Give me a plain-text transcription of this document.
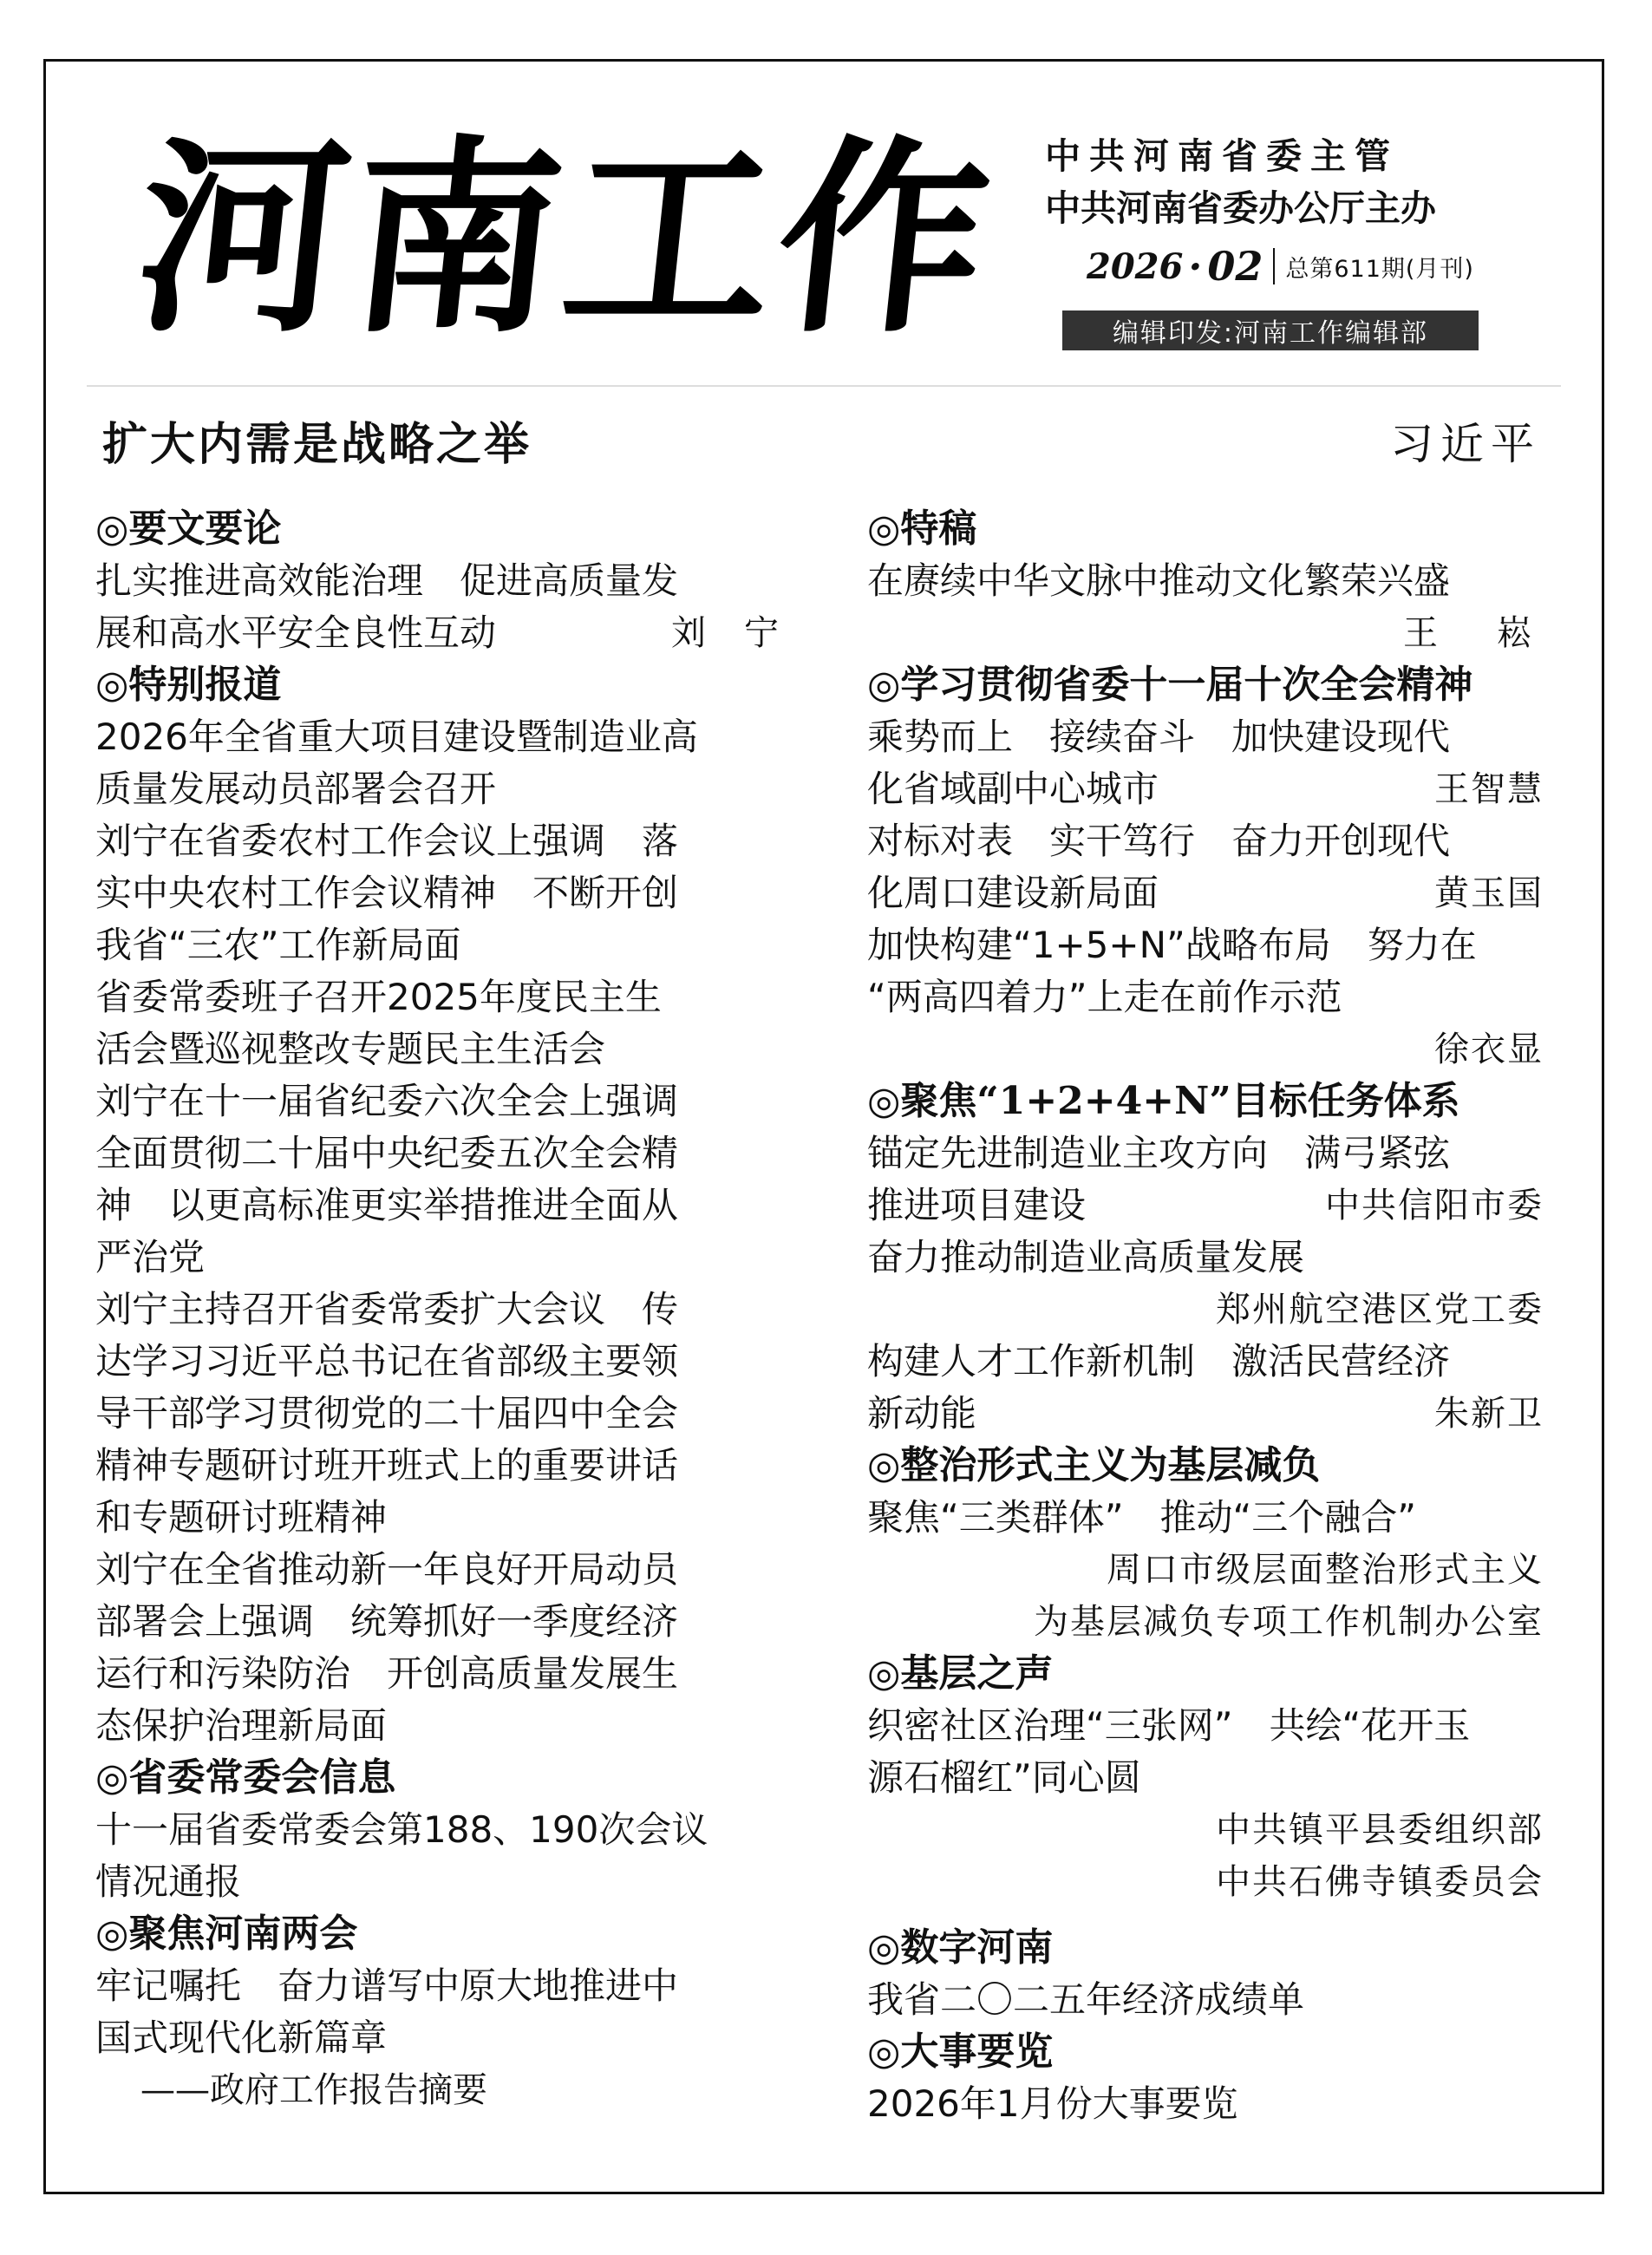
河
南
工
作 中共河南省委主管
中共河南省委办公厅主办
2026 · 02 总第611期(月刊)
编辑印发:河南工作编辑部
扩大内需是战略之举	习近平
◎要文要论
扎实推进高效能治理　促进高质量发
展和高水平安全良性互动	刘　宁
◎特别报道
2026年全省重大项目建设暨制造业高
质量发展动员部署会召开
刘宁在省委农村工作会议上强调　落
实中央农村工作会议精神　不断开创
我省“三农”工作新局面
省委常委班子召开2025年度民主生
活会暨巡视整改专题民主生活会
刘宁在十一届省纪委六次全会上强调
全面贯彻二十届中央纪委五次全会精
神　以更高标准更实举措推进全面从
严治党
刘宁主持召开省委常委扩大会议　传
达学习习近平总书记在省部级主要领
导干部学习贯彻党的二十届四中全会
精神专题研讨班开班式上的重要讲话
和专题研讨班精神
刘宁在全省推动新一年良好开局动员
部署会上强调　统筹抓好一季度经济
运行和污染防治　开创高质量发展生
态保护治理新局面
◎省委常委会信息
十一届省委常委会第188、190次会议
情况通报
◎聚焦河南两会
牢记嘱托　奋力谱写中原大地推进中
国式现代化新篇章
——政府工作报告摘要
◎特稿
在赓续中华文脉中推动文化繁荣兴盛
王　崧
◎学习贯彻省委十一届十次全会精神
乘势而上　接续奋斗　加快建设现代
化省域副中心城市	王智慧
对标对表　实干笃行　奋力开创现代
化周口建设新局面	黄玉国
加快构建“1+5+N”战略布局　努力在
“两高四着力”上走在前作示范
徐衣显
◎聚焦“1+2+4+N”目标任务体系
锚定先进制造业主攻方向　满弓紧弦
推进项目建设	中共信阳市委
奋力推动制造业高质量发展
郑州航空港区党工委
构建人才工作新机制　激活民营经济
新动能	朱新卫
◎整治形式主义为基层减负
聚焦“三类群体”　推动“三个融合”
周口市级层面整治形式主义
为基层减负专项工作机制办公室
◎基层之声
织密社区治理“三张网”　共绘“花开玉
源石榴红”同心圆
中共镇平县委组织部
中共石佛寺镇委员会
◎数字河南
我省二〇二五年经济成绩单
◎大事要览
2026年1月份大事要览
